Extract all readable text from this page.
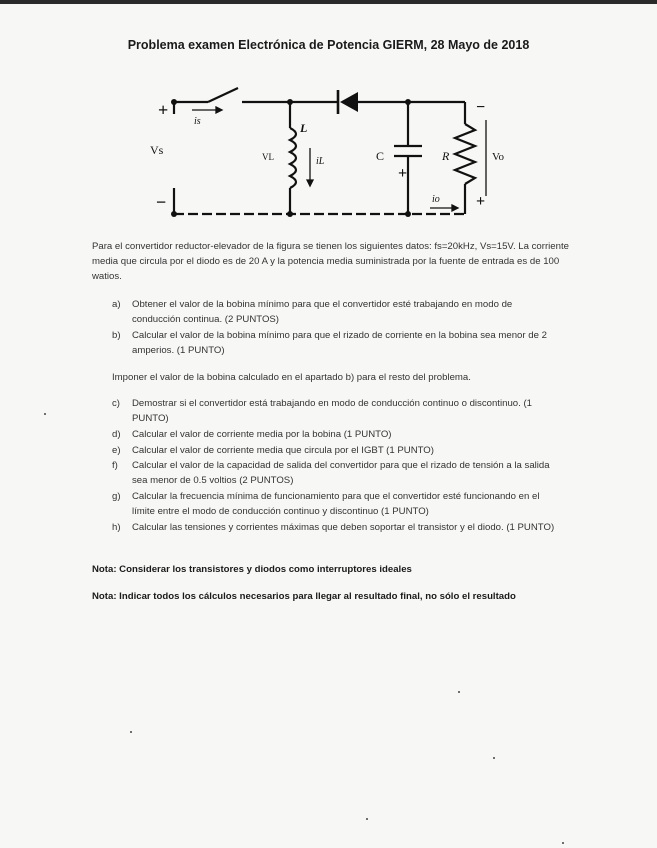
Problema examen Electrónica de Potencia GIERM, 28 Mayo de 2018
+
−
Vs
is	L
VL	iL	C
+
R	Vo
−
+
io
Para el convertidor reductor-elevador de la figura se tienen los siguientes datos: fs=20kHz, Vs=15V. La corriente media que circula por el diodo es de 20 A y la potencia media suministrada por la fuente de entrada es de 100 watios.
a)	Obtener el valor de la bobina mínimo para que el convertidor esté trabajando en modo de conducción continua. (2 PUNTOS)
b)	Calcular el valor de la bobina mínimo para que el rizado de corriente en la bobina sea menor de 2 amperios. (1 PUNTO)
Imponer el valor de la bobina calculado en el apartado b) para el resto del problema.
c)	Demostrar si el convertidor está trabajando en modo de conducción continuo o discontinuo. (1 PUNTO)
d)	Calcular el valor de corriente media por la bobina (1 PUNTO)
e)	Calcular el valor de corriente media que circula por el IGBT (1 PUNTO)
f)	Calcular el valor de la capacidad de salida del convertidor para que el rizado de tensión a la salida sea menor de 0.5 voltios (2 PUNTOS)
g)	Calcular la frecuencia mínima de funcionamiento para que el convertidor esté funcionando en el límite entre el modo de conducción continuo y discontinuo (1 PUNTO)
h)	Calcular las tensiones y corrientes máximas que deben soportar el transistor y el diodo. (1 PUNTO)
Nota: Considerar los transistores y diodos como interruptores ideales
Nota: Indicar todos los cálculos necesarios para llegar al resultado final, no sólo el resultado
